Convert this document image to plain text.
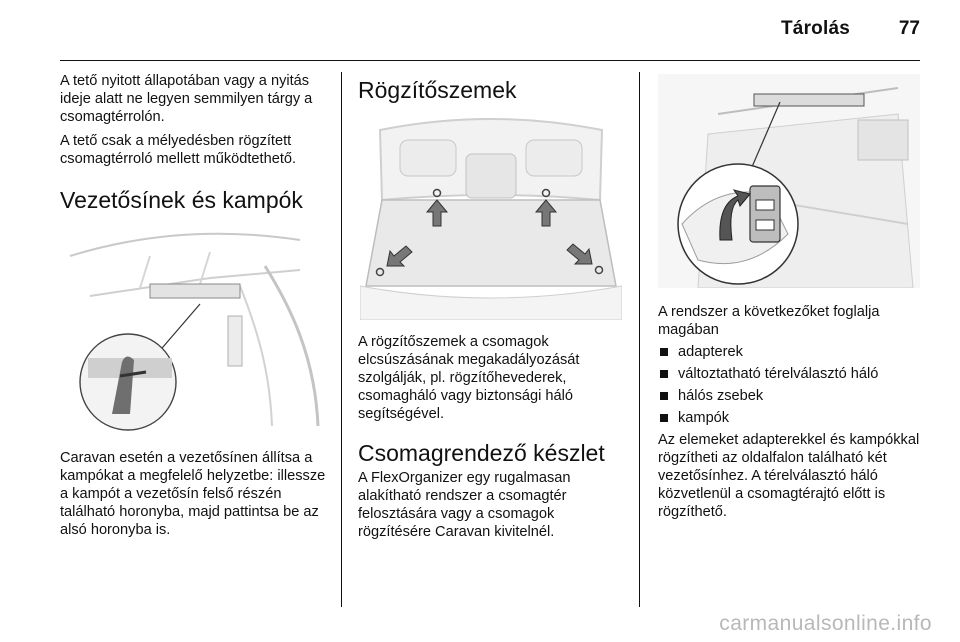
Tárolás	77

A tető nyitott állapotában vagy a nyitás ideje alatt ne legyen semmilyen tárgy a csomagtérrolón.

A tető csak a mélyedésben rögzített csomagtérroló mellett működtethető.

Vezetősínek és kampók

Caravan esetén a vezetősínen állítsa a kampókat a megfelelő helyzetbe: illessze a kampót a vezetősín felső részén található horonyba, majd pattintsa be az alsó horonyba is.

Rögzítőszemek

A rögzítőszemek a csomagok elcsúszásának megakadályozását szolgálják, pl. rögzítőhevederek, csomagháló vagy biztonsági háló segítségével.

Csomagrendező készlet

A FlexOrganizer egy rugalmasan alakítható rendszer a csomagtér felosztására vagy a csomagok rögzítésére Caravan kivitelnél.

A rendszer a következőket foglalja magában

adapterek
változtatható térelválasztó háló
hálós zsebek
kampók

Az elemeket adapterekkel és kampókkal rögzítheti az oldalfalon található két vezetősínhez. A térelválasztó háló közvetlenül a csomagtérajtó előtt is rögzíthető.

carmanualsonline.info
